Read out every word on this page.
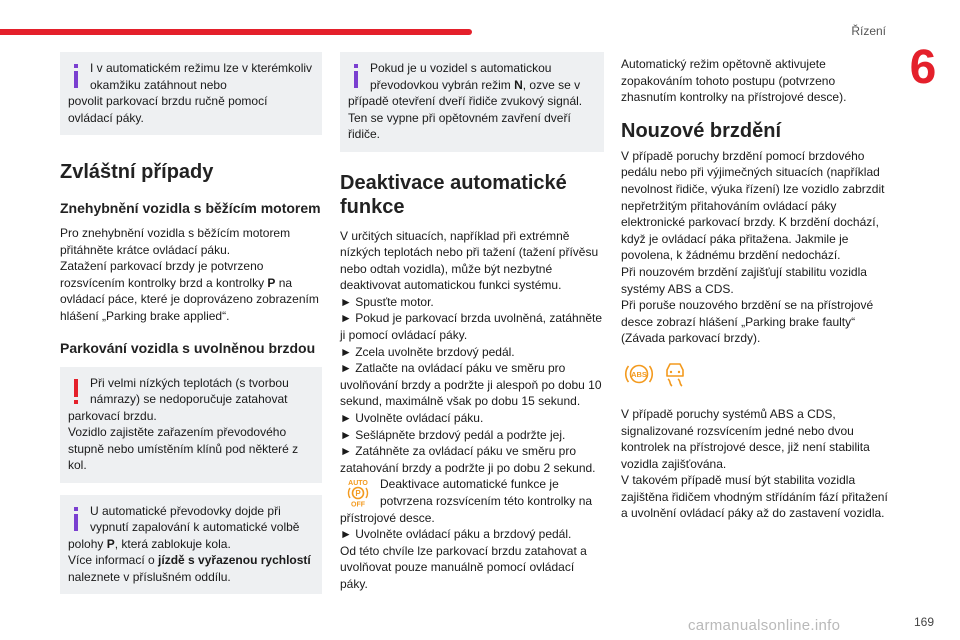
Řízení
6
I v automatickém režimu lze v kterémkoliv okamžiku zatáhnout nebo

povolit parkovací brzdu ručně pomocí ovládací páky.

Zvláštní případy
Znehybnění vozidla s běžícím motorem

Pro znehybnění vozidla s běžícím motorem přitáhněte krátce ovládací páku.

Zatažení parkovací brzdy je potvrzeno rozsvícením kontrolky brzd a kontrolky P na ovládací páce, které je doprovázeno zobrazením hlášení „Parking brake applied“.

Parkování vozidla s uvolněnou brzdou
Při velmi nízkých teplotách (s tvorbou námrazy) se nedoporučuje zatahovat

parkovací brzdu.

Vozidlo zajistěte zařazením převodového stupně nebo umístěním klínů pod některé z kol.

U automatické převodovky dojde při vypnutí zapalování k automatické volbě

polohy P, která zablokuje kola.

Více informací o jízdě s vyřazenou rychlostí naleznete v příslušném oddílu.

Pokud je u vozidel s automatickou převodovkou vybrán režim N, ozve se v

případě otevření dveří řidiče zvukový signál. Ten se vypne při opětovném zavření dveří řidiče.

Deaktivace automatické funkce

V určitých situacích, například při extrémně nízkých teplotách nebo při tažení (tažení přívěsu nebo odtah vozidla), může být nezbytné deaktivovat automatickou funkci systému.

► Spusťte motor.

► Pokud je parkovací brzda uvolněná, zatáhněte ji pomocí ovládací páky.

► Zcela uvolněte brzdový pedál.

► Zatlačte na ovládací páku ve směru pro uvolňování brzdy a podržte ji alespoň po dobu 10 sekund, maximálně však po dobu 15 sekund.

► Uvolněte ovládací páku.

► Sešlápněte brzdový pedál a podržte jej.

► Zatáhněte za ovládací páku ve směru pro zatahování brzdy a podržte ji po dobu 2 sekund.

AUTO
P
OFF
Deaktivace automatické funkce je potvrzena rozsvícením této kontrolky na

přístrojové desce.

► Uvolněte ovládací páku a brzdový pedál.

Od této chvíle lze parkovací brzdu zatahovat a uvolňovat pouze manuálně pomocí ovládací páky.

Automatický režim opětovně aktivujete zopakováním tohoto postupu (potvrzeno zhasnutím kontrolky na přístrojové desce).

Nouzové brzdění

V případě poruchy brzdění pomocí brzdového pedálu nebo při výjimečných situacích (například nevolnost řidiče, výuka řízení) lze vozidlo zabrzdit nepřetržitým přitahováním ovládací páky elektronické parkovací brzdy. K brzdění dochází, když je ovládací páka přitažena. Jakmile je povolena, k žádnému brzdění nedochází.

Při nouzovém brzdění zajišťují stabilitu vozidla systémy ABS a CDS.

Při poruše nouzového brzdění se na přístrojové desce zobrazí hlášení „Parking brake faulty“ (Závada parkovací brzdy).

ABS

V případě poruchy systémů ABS a CDS, signalizované rozsvícením jedné nebo dvou kontrolek na přístrojové desce, již není stabilita vozidla zajišťována.

V takovém případě musí být stabilita vozidla zajištěna řidičem vhodným střídáním fází přitažení a uvolnění ovládací páky až do zastavení vozidla.

carmanualsonline.info	169
